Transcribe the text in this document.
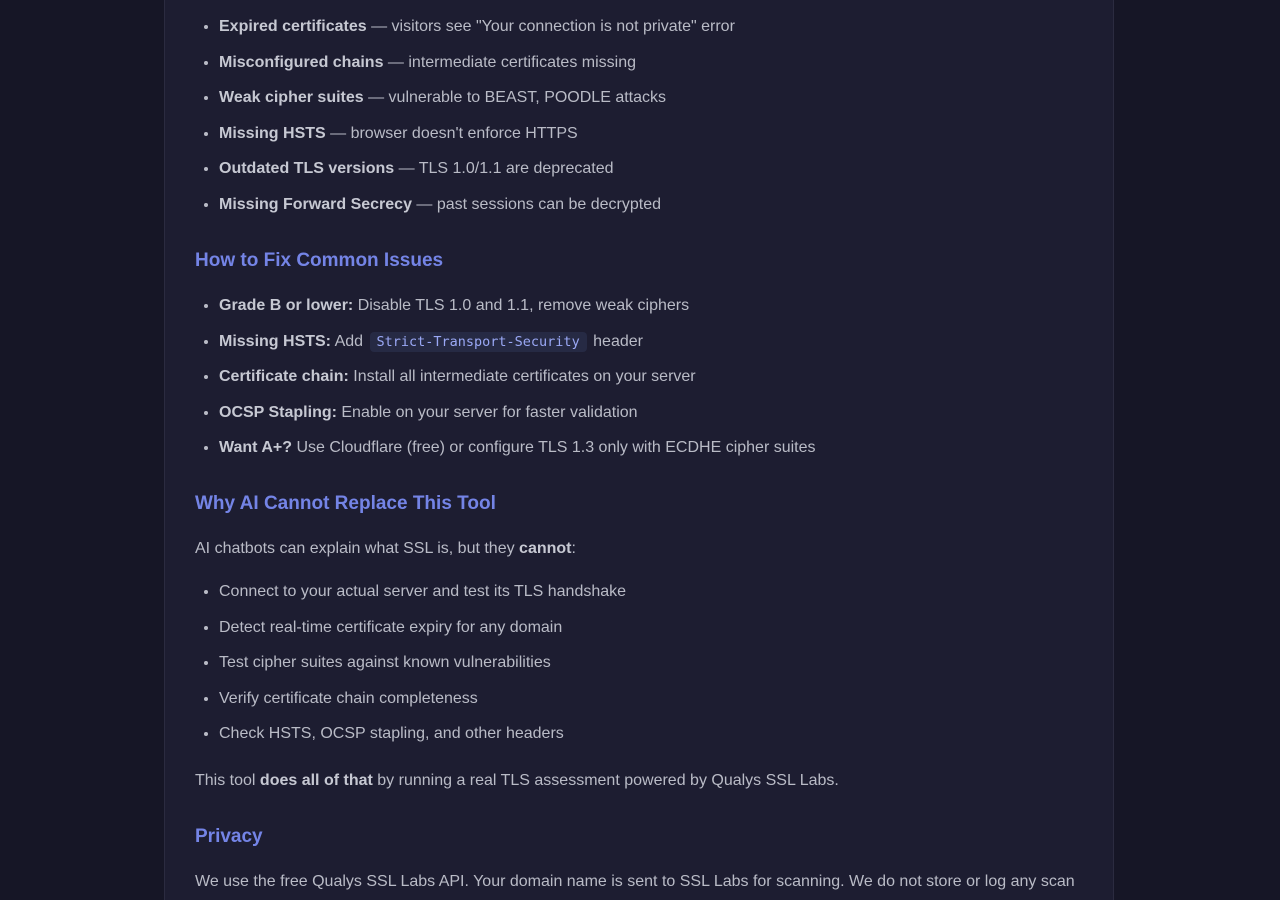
• Expired certificates — visitors see "Your connection is not private" error
• Misconfigured chains — intermediate certificates missing
• Weak cipher suites — vulnerable to BEAST, POODLE attacks
• Missing HSTS — browser doesn't enforce HTTPS
• Outdated TLS versions — TLS 1.0/1.1 are deprecated
• Missing Forward Secrecy — past sessions can be decrypted
How to Fix Common Issues
• Grade B or lower: Disable TLS 1.0 and 1.1, remove weak ciphers
• Missing HSTS: Add Strict-Transport-Security header
• Certificate chain: Install all intermediate certificates on your server
• OCSP Stapling: Enable on your server for faster validation
• Want A+? Use Cloudflare (free) or configure TLS 1.3 only with ECDHE cipher suites
Why AI Cannot Replace This Tool

AI chatbots can explain what SSL is, but they cannot:

• Connect to your actual server and test its TLS handshake
• Detect real-time certificate expiry for any domain
• Test cipher suites against known vulnerabilities
• Verify certificate chain completeness
• Check HSTS, OCSP stapling, and other headers

This tool does all of that by running a real TLS assessment powered by Qualys SSL Labs.

Privacy

We use the free Qualys SSL Labs API. Your domain name is sent to SSL Labs for scanning. We do not store or log any scan
